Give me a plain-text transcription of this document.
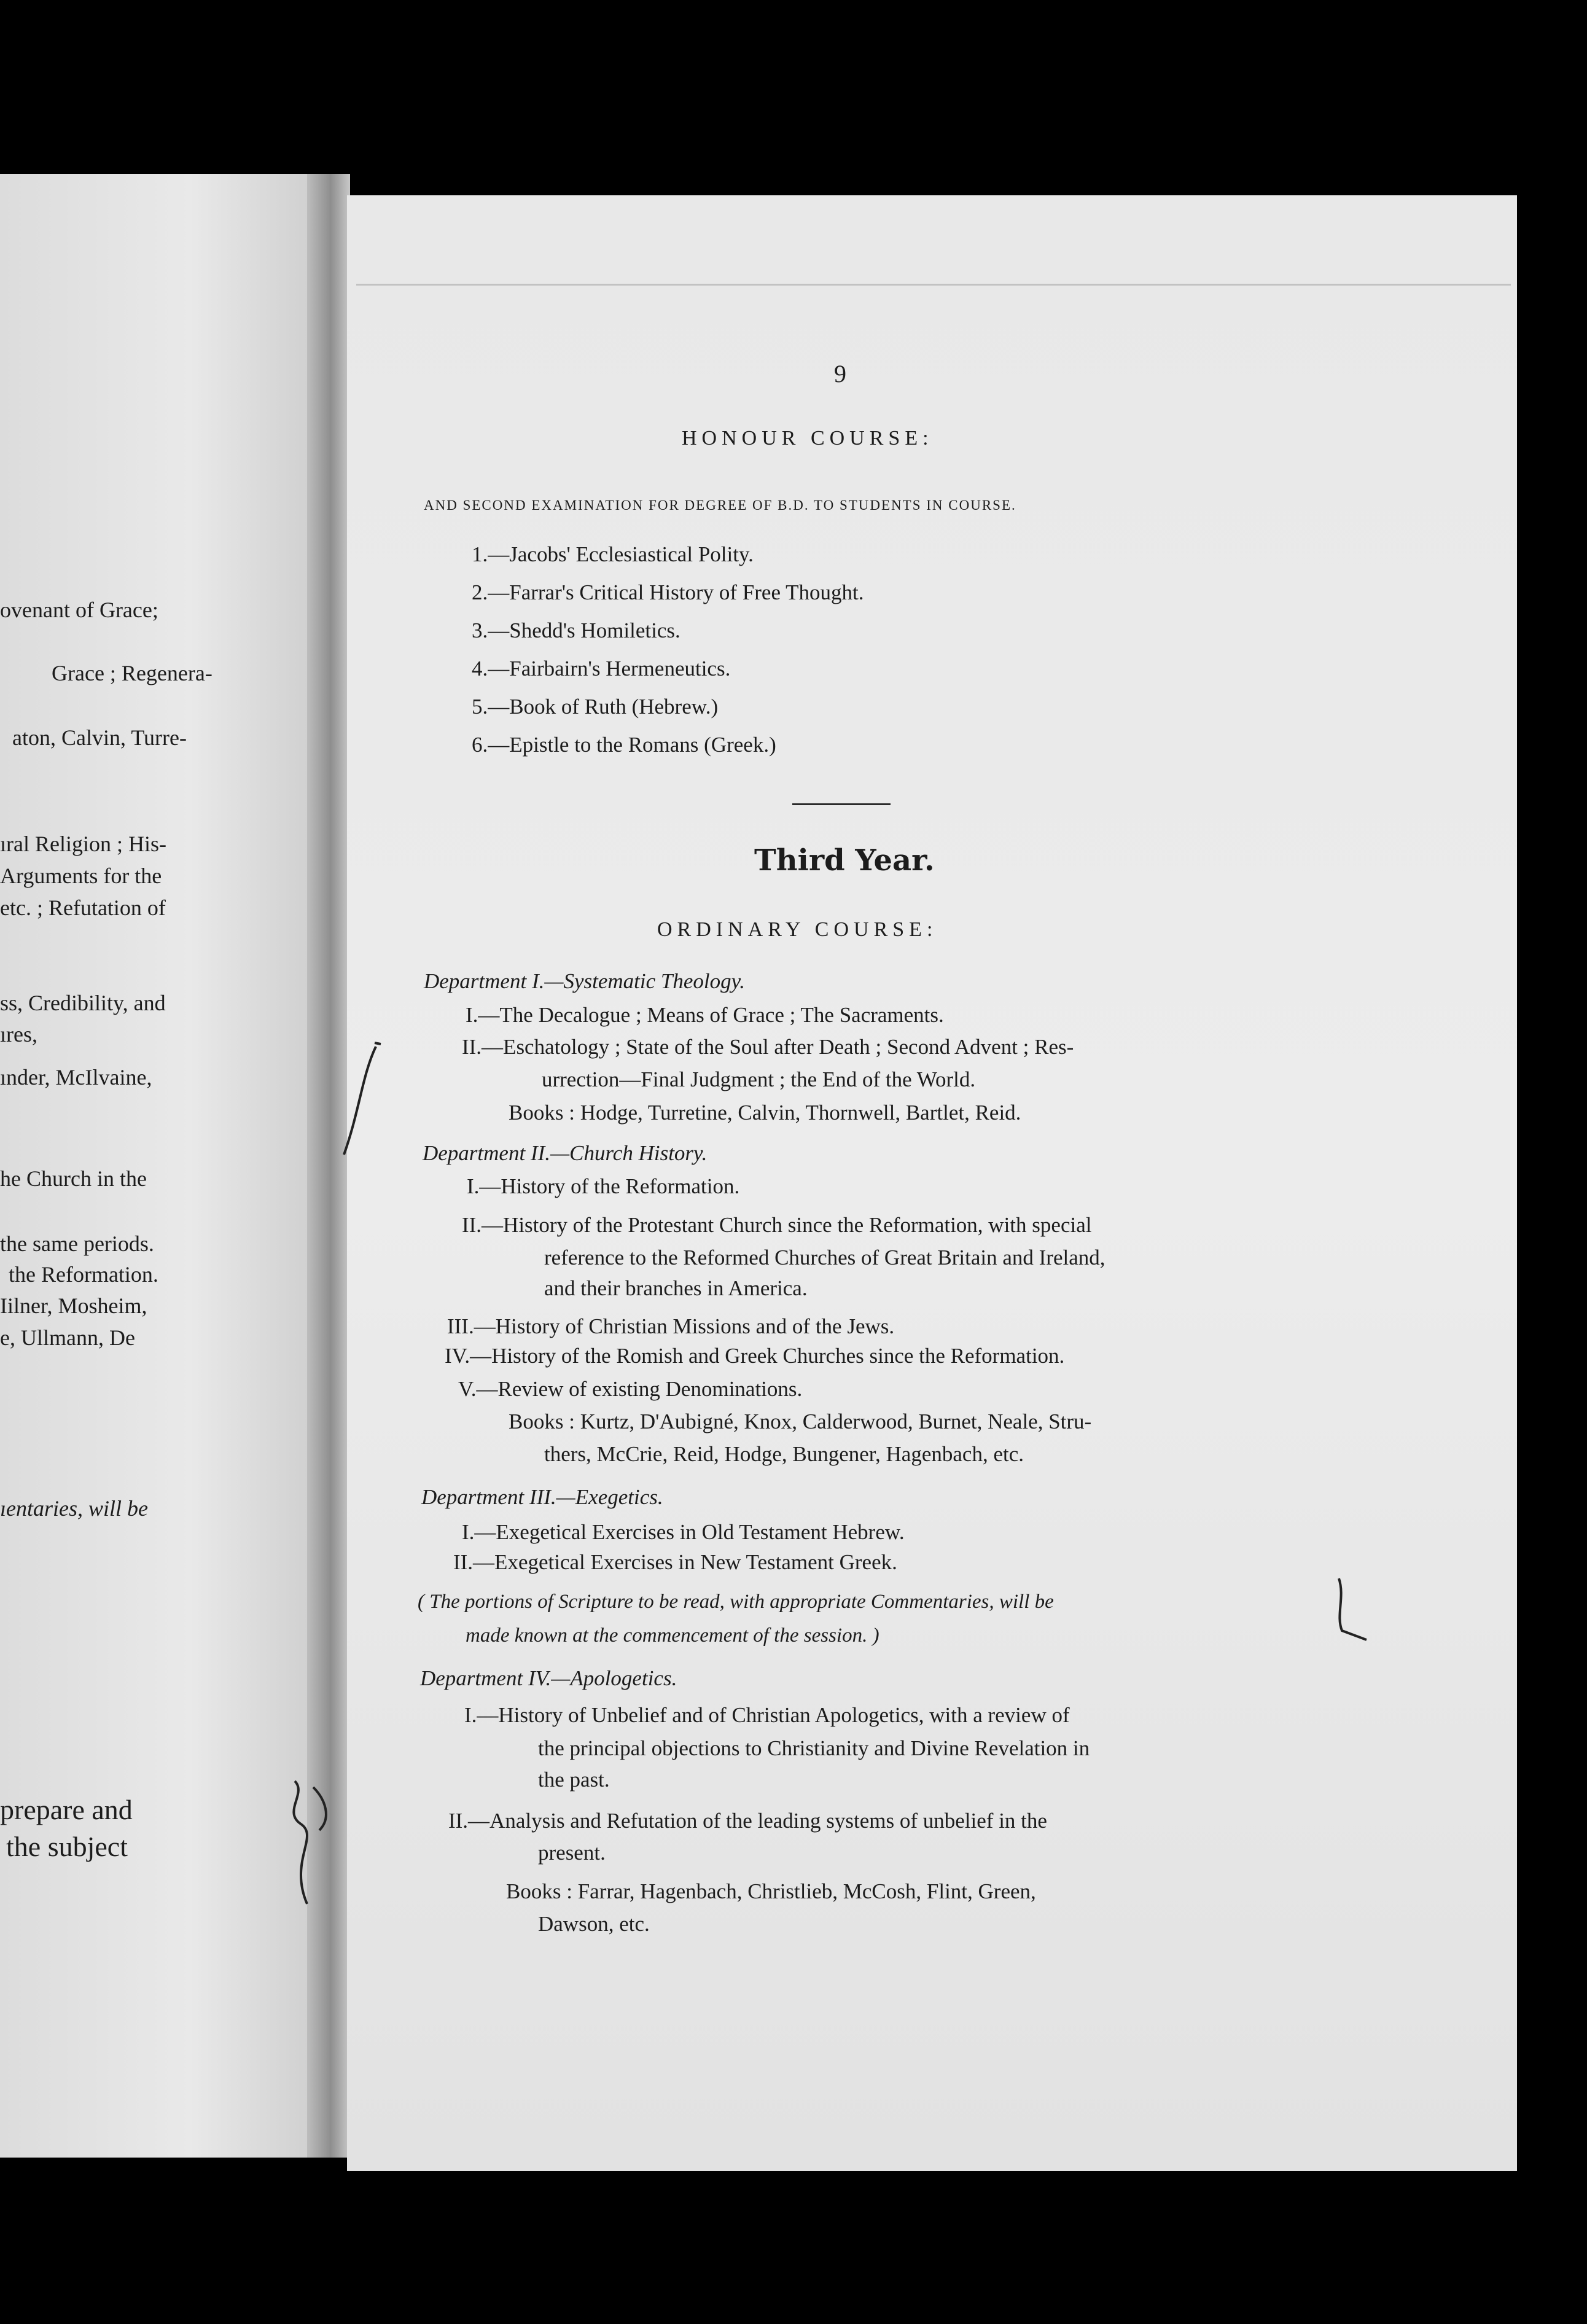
ovenant of Grace;
Grace ; Regenera-
aton, Calvin, Turre-
ıral Religion ; His-
Arguments for the
etc. ; Refutation of
ss, Credibility, and
ıres,
ınder, McIlvaine,
he Church in the
the same periods.
the Reformation.
Iilner, Mosheim,
e, Ullmann, De
ıentaries, will be
prepare and
the subject
9
HONOUR COURSE:
AND SECOND EXAMINATION FOR DEGREE OF B.D. TO STUDENTS IN COURSE.
1.—Jacobs' Ecclesiastical Polity.
2.—Farrar's Critical History of Free Thought.
3.—Shedd's Homiletics.
4.—Fairbairn's Hermeneutics.
5.—Book of Ruth (Hebrew.)
6.—Epistle to the Romans (Greek.)
Third Year.
ORDINARY COURSE:
Department I.—Systematic Theology.
I.—The Decalogue ; Means of Grace ; The Sacraments.
II.—Eschatology ; State of the Soul after Death ; Second Advent ; Res-
urrection—Final Judgment ; the End of the World.
Books : Hodge, Turretine, Calvin, Thornwell, Bartlet, Reid.
Department II.—Church History.
I.—History of the Reformation.
II.—History of the Protestant Church since the Reformation, with special
reference to the Reformed Churches of Great Britain and Ireland,
and their branches in America.
III.—History of Christian Missions and of the Jews.
IV.—History of the Romish and Greek Churches since the Reformation.
V.—Review of existing Denominations.
Books : Kurtz, D'Aubigné, Knox, Calderwood, Burnet, Neale, Stru-
thers, McCrie, Reid, Hodge, Bungener, Hagenbach, etc.
Department III.—Exegetics.
I.—Exegetical Exercises in Old Testament Hebrew.
II.—Exegetical Exercises in New Testament Greek.
( The portions of Scripture to be read, with appropriate Commentaries, will be
made known at the commencement of the session. )
Department IV.—Apologetics.
I.—History of Unbelief and of Christian Apologetics, with a review of
the principal objections to Christianity and Divine Revelation in
the past.
II.—Analysis and Refutation of the leading systems of unbelief in the
present.
Books : Farrar, Hagenbach, Christlieb, McCosh, Flint, Green,
Dawson, etc.
